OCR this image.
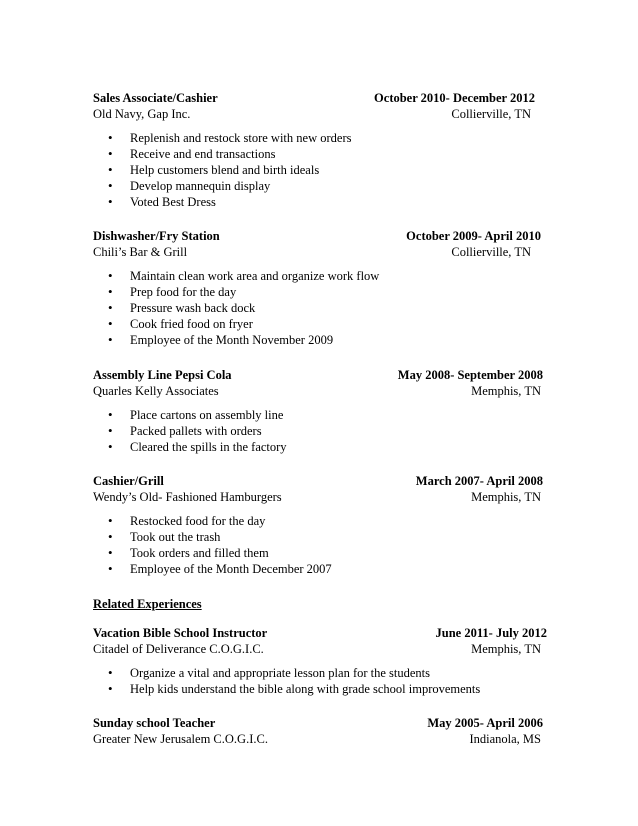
Sales Associate/Cashier	October 2010- December 2012
Old Navy, Gap Inc.	Collierville, TN
• Replenish and restock store with new orders
• Receive and end transactions
• Help customers blend and birth ideals
• Develop mannequin display
• Voted Best Dress
Dishwasher/Fry Station	October 2009- April 2010
Chili’s Bar & Grill	Collierville, TN
• Maintain clean work area and organize work flow
• Prep food for the day
• Pressure wash back dock
• Cook fried food on fryer
• Employee of the Month November 2009
Assembly Line Pepsi Cola	May 2008- September 2008
Quarles Kelly Associates	Memphis, TN
• Place cartons on assembly line
• Packed pallets with orders
• Cleared the spills in the factory
Cashier/Grill	March 2007- April 2008
Wendy’s Old- Fashioned Hamburgers	Memphis, TN
• Restocked food for the day
• Took out the trash
• Took orders and filled them
• Employee of the Month December 2007
Related Experiences
Vacation Bible School Instructor	June 2011- July 2012
Citadel of Deliverance C.O.G.I.C.	Memphis, TN
• Organize a vital and appropriate lesson plan for the students
• Help kids understand the bible along with grade school improvements
Sunday school Teacher	May 2005- April 2006
Greater New Jerusalem C.O.G.I.C.	Indianola, MS
